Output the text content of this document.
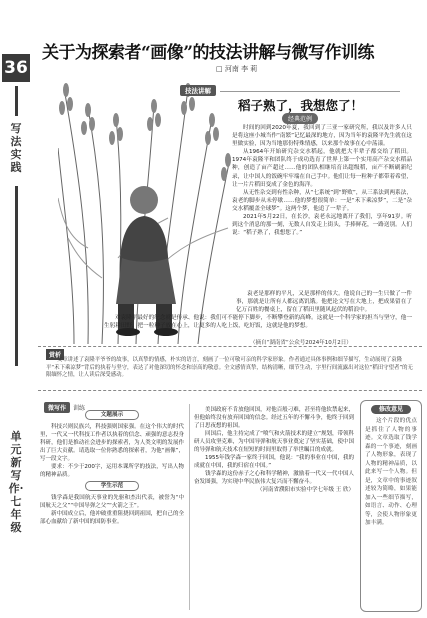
36
写法实践
单元新写作·七年级
关于为探索者“画像”的技法讲解与微写作训练
□ 河南 李 莉
技法讲解
稻子熟了，我想您了！
经典范例

时间的回到2020年夏，我回到了三亚一家研究所，我以及许多人只是将这座小城当作“南繁”记忆最深的地方，因为当年的袁隆平先生就在这里做实验，因为当地那份特殊情感，以来那个故事在心中荡漾。

从1964年开始研究杂交水稻起，他就把大半辈子都交给了稻田。1974年袁隆平和团队终于成功选育了世界上第一个实用高产杂交水稻品种，创造了亩产超过……他的团队相继培育出超级稻，亩产不断刷新纪录，让中国人的饭碗牢牢端在自己手中。他们让每一粒种子都带着希望，让一片片稻田变成了金色的海洋。

从无性杂交到有性杂种，从“七系统”到“野败”，从三系法到两系法，袁老的脚步从未停歇……他的梦想很简单：一是“禾下乘凉梦”，二是“杂交水稻覆盖全球梦”。这两个梦，他追了一辈子。

2021年5月22日，在长沙，袁老永远地离开了我们，享年91岁。听到这个消息的那一刻，无数人自发走上街头，手捧鲜花，一路送别。人们说：“稻子熟了，我想您了。”

袁老是那样的平凡，又是那样的伟大。他说自己的一生只做了一件事，那就是让所有人都远离饥饿。他把论文写在大地上，把成果留在了亿万百姓的餐桌上，留在了稻田里随风起伏的稻浪中。

对袁隆平最好的纪念就是传承、他说：我们可不能停下脚步，不断攀登新的高峰。这就是一个科学家的担当与坚守，他一生躬耕田野，把一粒种子放在心上，让更多的人吃上饭，吃好饭，这就是他的梦想。

（摘自“湖南省“公众号2024年10月2日）
赏析
文章讲述了袁隆平爷爷的故事，以真挚的情感，朴实的语言，刻画了一位可敬可亲的科学家形象。作者通过具体事例和细节描写，生动展现了袁隆平“禾下乘凉梦”背后的执着与坚守，表达了对他深切的怀念和崇高的敬意。全文感情真挚，结构清晰，细节生动，字里行间流露出对这位“稻田守望者”的无限缅怀之情，让人读后深受感动。
微写作 训练
文题展示

科技兴则民族兴，科技强则国家强。在这个伟大的时代里，一代又一代科技工作者以执着的信念、顽强的意志投身科研，他们是推动社会进步的探索者，为人类文明的发展作出了巨大贡献。请选取一位你熟悉的探索者，为他“画像”，写一段文字。

要求：不少于200字，运用本课所学的技法，写出人物的精神品质。

学生示范

钱学森是我国航天事业的先驱和杰出代表，被誉为“中国航天之父”“中国导弹之父”“火箭之王”。

新中国成立后，他冲破重重阻挠回到祖国，把自己的全部心血献给了新中国的国防事业。

美国政府不肯放他回国，对他百般刁难，甚至将他软禁起来，但他始终没有放弃回国的信念。经过五年的不懈斗争，他终于回到了日思夜想的祖国。

回国后，他主持完成了“喷气和火箭技术的建立”规划，带领科研人员攻坚克难，为中国导弹和航天事业奠定了坚实基础，使中国的导弹和航天技术在短短的时间里取得了举世瞩目的成就。

1955年钱学森一家终于回国，他说：“我的事业在中国，我的成就在中国，我的归宿在中国。”

钱学森的这份赤子之心和科学精神，激励着一代又一代中国人奋发图强，为实现中华民族伟大复兴而不懈奋斗。

（河南省濮阳市实验中学七年级 王 欣）

修改意见
这个片段的优点是抓住了人物的事迹。文章选取了钱学森的一个事迹，刻画了人物形象，表现了人物的精神品质，以此来写一个人物。但是，文章中的事迹叙述较为简略，如果能加入一些细节描写，如语言、动作、心理等，会使人物形象更加丰满。
